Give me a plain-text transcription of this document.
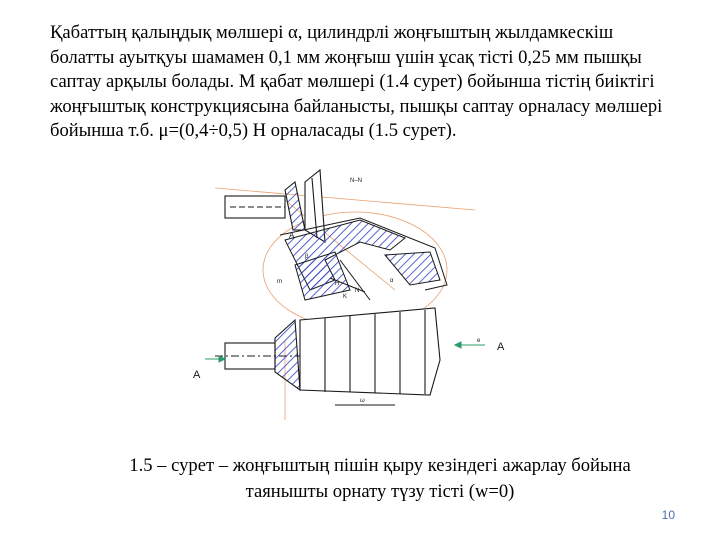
Қабаттың қалыңдық мөлшері α, цилиндрлі жоңғыштың жылдамкескіш болатты ауытқуы шамамен 0,1 мм жоңғыш үшін ұсақ тісті 0,25 мм пышқы саптау арқылы болады. М қабат мөлшері (1.4 сурет) бойынша тістің биіктігі жоңғыштық конструкциясына байланысты, пышқы саптау орналасу мөлшері бойынша т.б. μ=(0,4÷0,5) Н орналасады (1.5 сурет).

N–N
A
A
A
e
ω
m	H
K
N
β
α

1.5 – сурет – жоңғыштың пішін қыру кезіндегі ажарлау бойына таянышты орнату түзу тісті (w=0)

10
